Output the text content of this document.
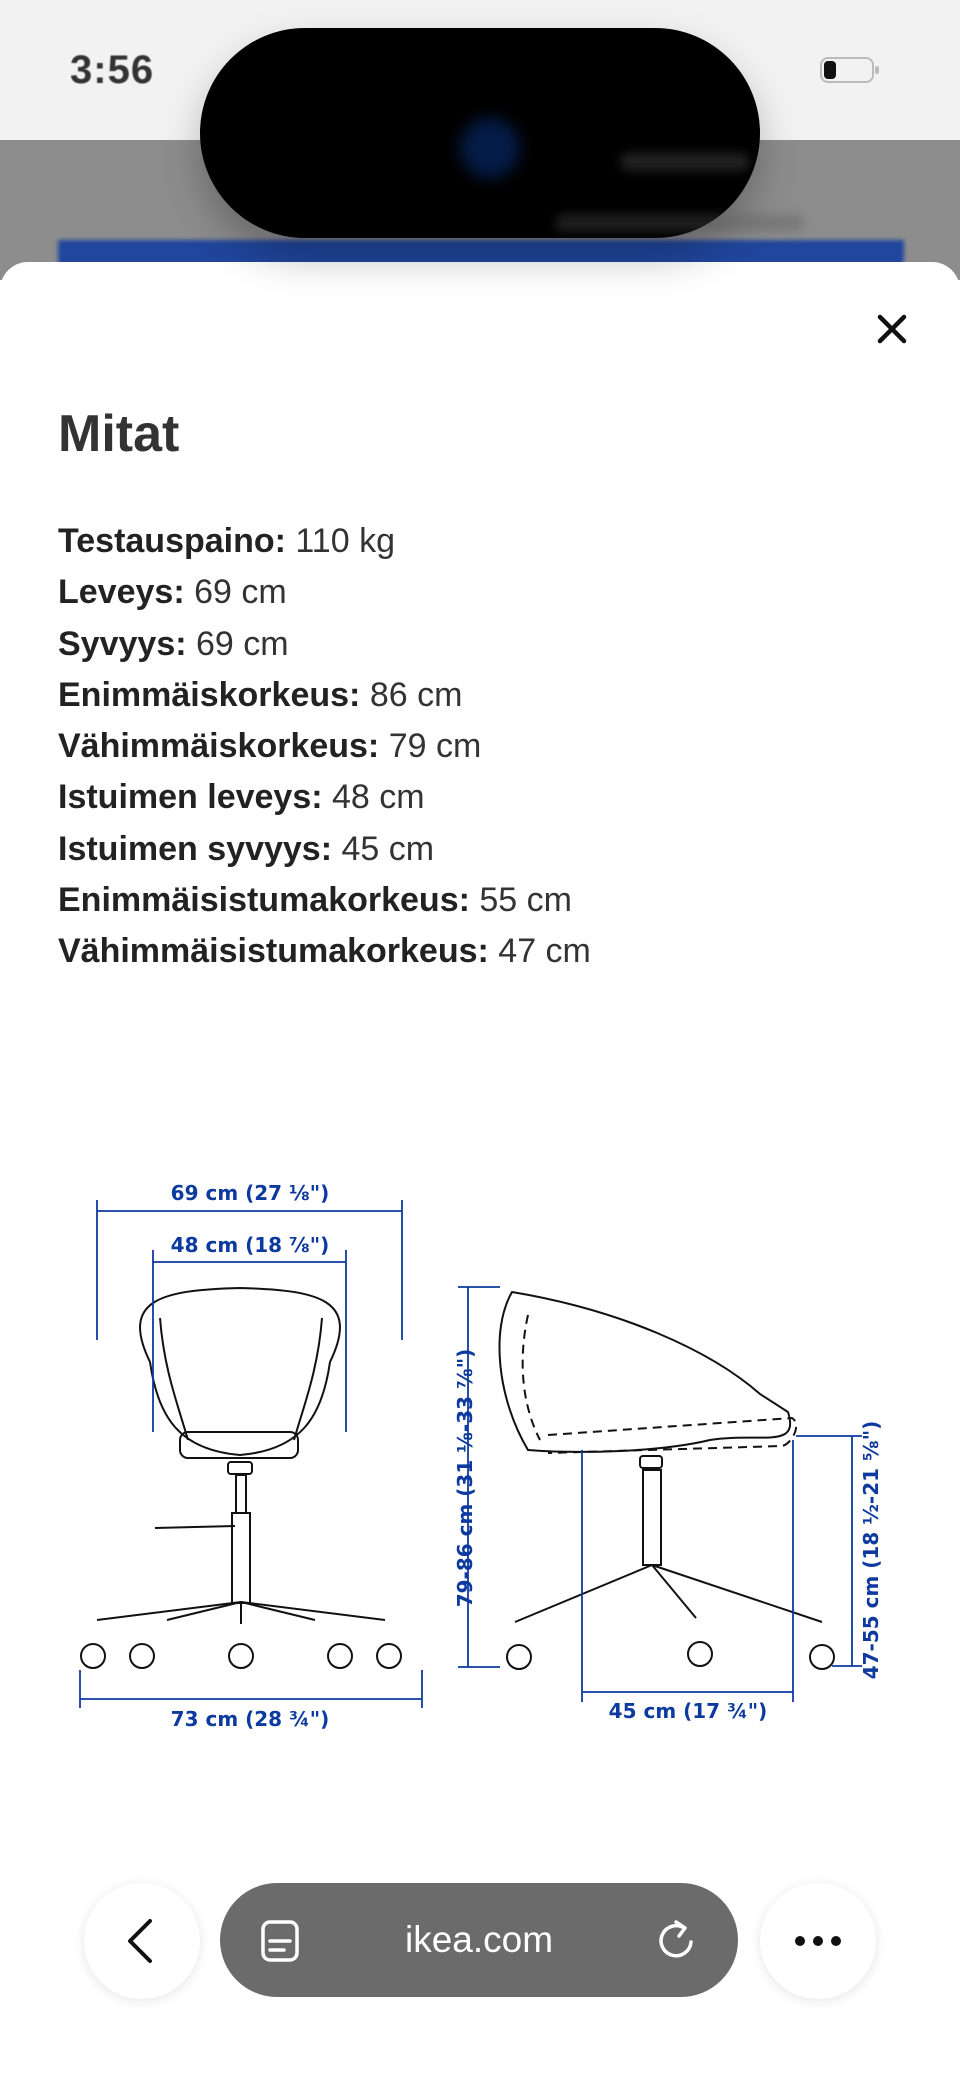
3:56
Mitat
Testauspaino: 110 kg
Leveys: 69 cm
Syvyys: 69 cm
Enimmäiskorkeus: 86 cm
Vähimmäiskorkeus: 79 cm
Istuimen leveys: 48 cm
Istuimen syvyys: 45 cm
Enimmäisistumakorkeus: 55 cm
Vähimmäisistumakorkeus: 47 cm
69 cm (27 ⅛")
48 cm (18 ⅞")
73 cm (28 ¾")
79-86 cm (31 ⅛-33 ⅞")
45 cm (17 ¾")
47-55 cm (18 ½-21 ⅝")
ikea.com
